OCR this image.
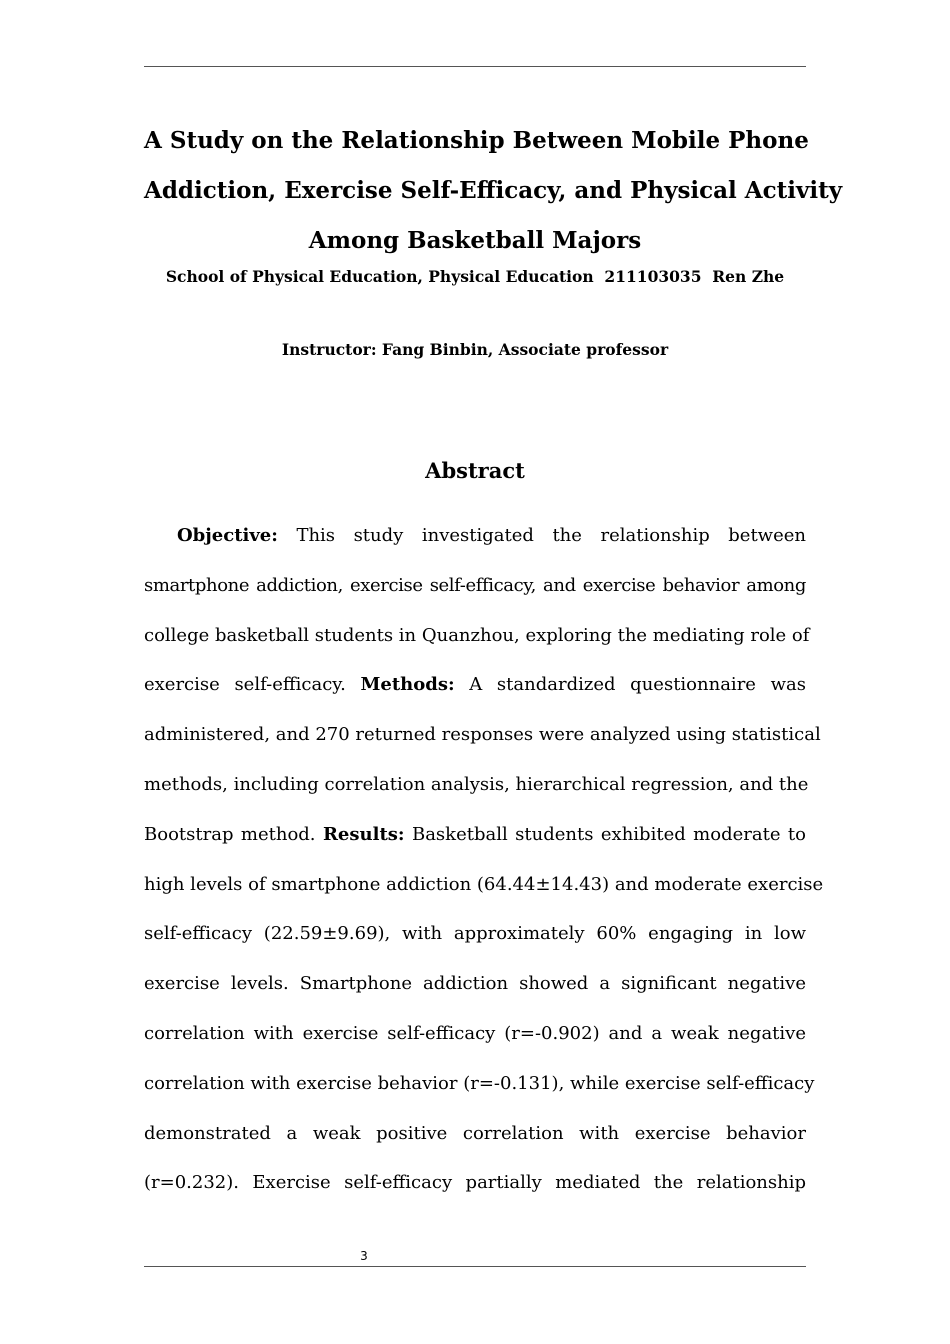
A Study on the Relationship Between Mobile Phone
Addiction, Exercise Self-Efficacy, and Physical Activity
Among Basketball Majors
School of Physical Education, Physical Education  211103035  Ren Zhe
Instructor: Fang Binbin, Associate professor
Abstract
Objective: This study investigated the relationship between
smartphone addiction, exercise self-efficacy, and exercise behavior among
college basketball students in Quanzhou, exploring the mediating role of
exercise self-efficacy. Methods: A standardized questionnaire was
administered, and 270 returned responses were analyzed using statistical
methods, including correlation analysis, hierarchical regression, and the
Bootstrap method. Results: Basketball students exhibited moderate to
high levels of smartphone addiction (64.44±14.43) and moderate exercise
self-efficacy (22.59±9.69), with approximately 60% engaging in low
exercise levels. Smartphone addiction showed a significant negative
correlation with exercise self-efficacy (r=-0.902) and a weak negative
correlation with exercise behavior (r=-0.131), while exercise self-efficacy
demonstrated a weak positive correlation with exercise behavior
(r=0.232). Exercise self-efficacy partially mediated the relationship
3
